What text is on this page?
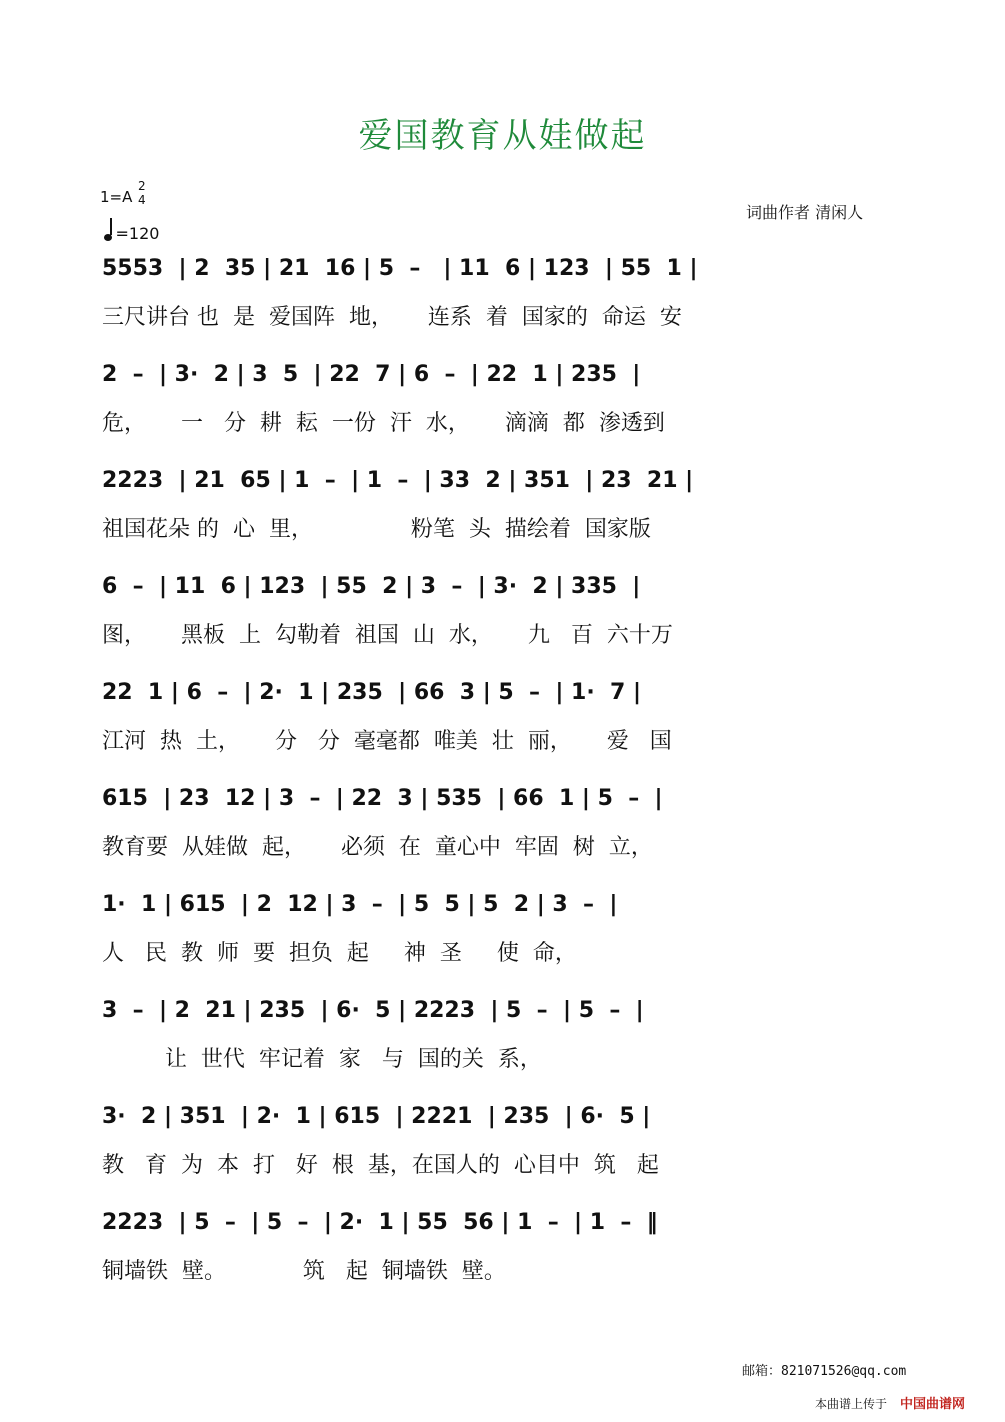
爱国教育从娃做起
1=A
2
4
=120
词曲作者 清闲人
5553  | 2  35 | 21  16 | 5  –   | 11  6 | 123  | 55  1 |
三尺讲台 也  是  爱国阵  地，     连系  着  国家的  命运  安
2  –  | 3·  2 | 3  5  | 22  7 | 6  –  | 22  1 | 235  |
危，     一   分  耕  耘  一份  汗  水，     滴滴  都  渗透到
2223  | 21  65 | 1  –  | 1  –  | 33  2 | 351  | 23  21 |
祖国花朵 的  心  里，              粉笔  头  描绘着  国家版
6  –  | 11  6 | 123  | 55  2 | 3  –  | 3·  2 | 335  |
图，     黑板  上  勾勒着  祖国  山  水，     九   百  六十万
22  1 | 6  –  | 2·  1 | 235  | 66  3 | 5  –  | 1·  7 |
江河  热  土，     分   分  毫毫都  唯美  壮  丽，     爱   国
615  | 23  12 | 3  –  | 22  3 | 535  | 66  1 | 5  –  |
教育要  从娃做  起，     必须  在  童心中  牢固  树  立，
1·  1 | 615  | 2  12 | 3  –  | 5  5 | 5  2 | 3  –  |
人   民  教  师  要  担负  起     神  圣     使  命，
3  –  | 2  21 | 235  | 6·  5 | 2223  | 5  –  | 5  –  |
让  世代  牢记着  家   与  国的关  系，
3·  2 | 351  | 2·  1 | 615  | 2221  | 235  | 6·  5 |
教   育  为  本  打   好  根  基，在国人的  心目中  筑   起
2223  | 5  –  | 5  –  | 2·  1 | 55  56 | 1  –  | 1  –  ‖
铜墙铁  壁。           筑   起  铜墙铁  壁。
邮箱：821071526@qq.com
本曲谱上传于 中国曲谱网
